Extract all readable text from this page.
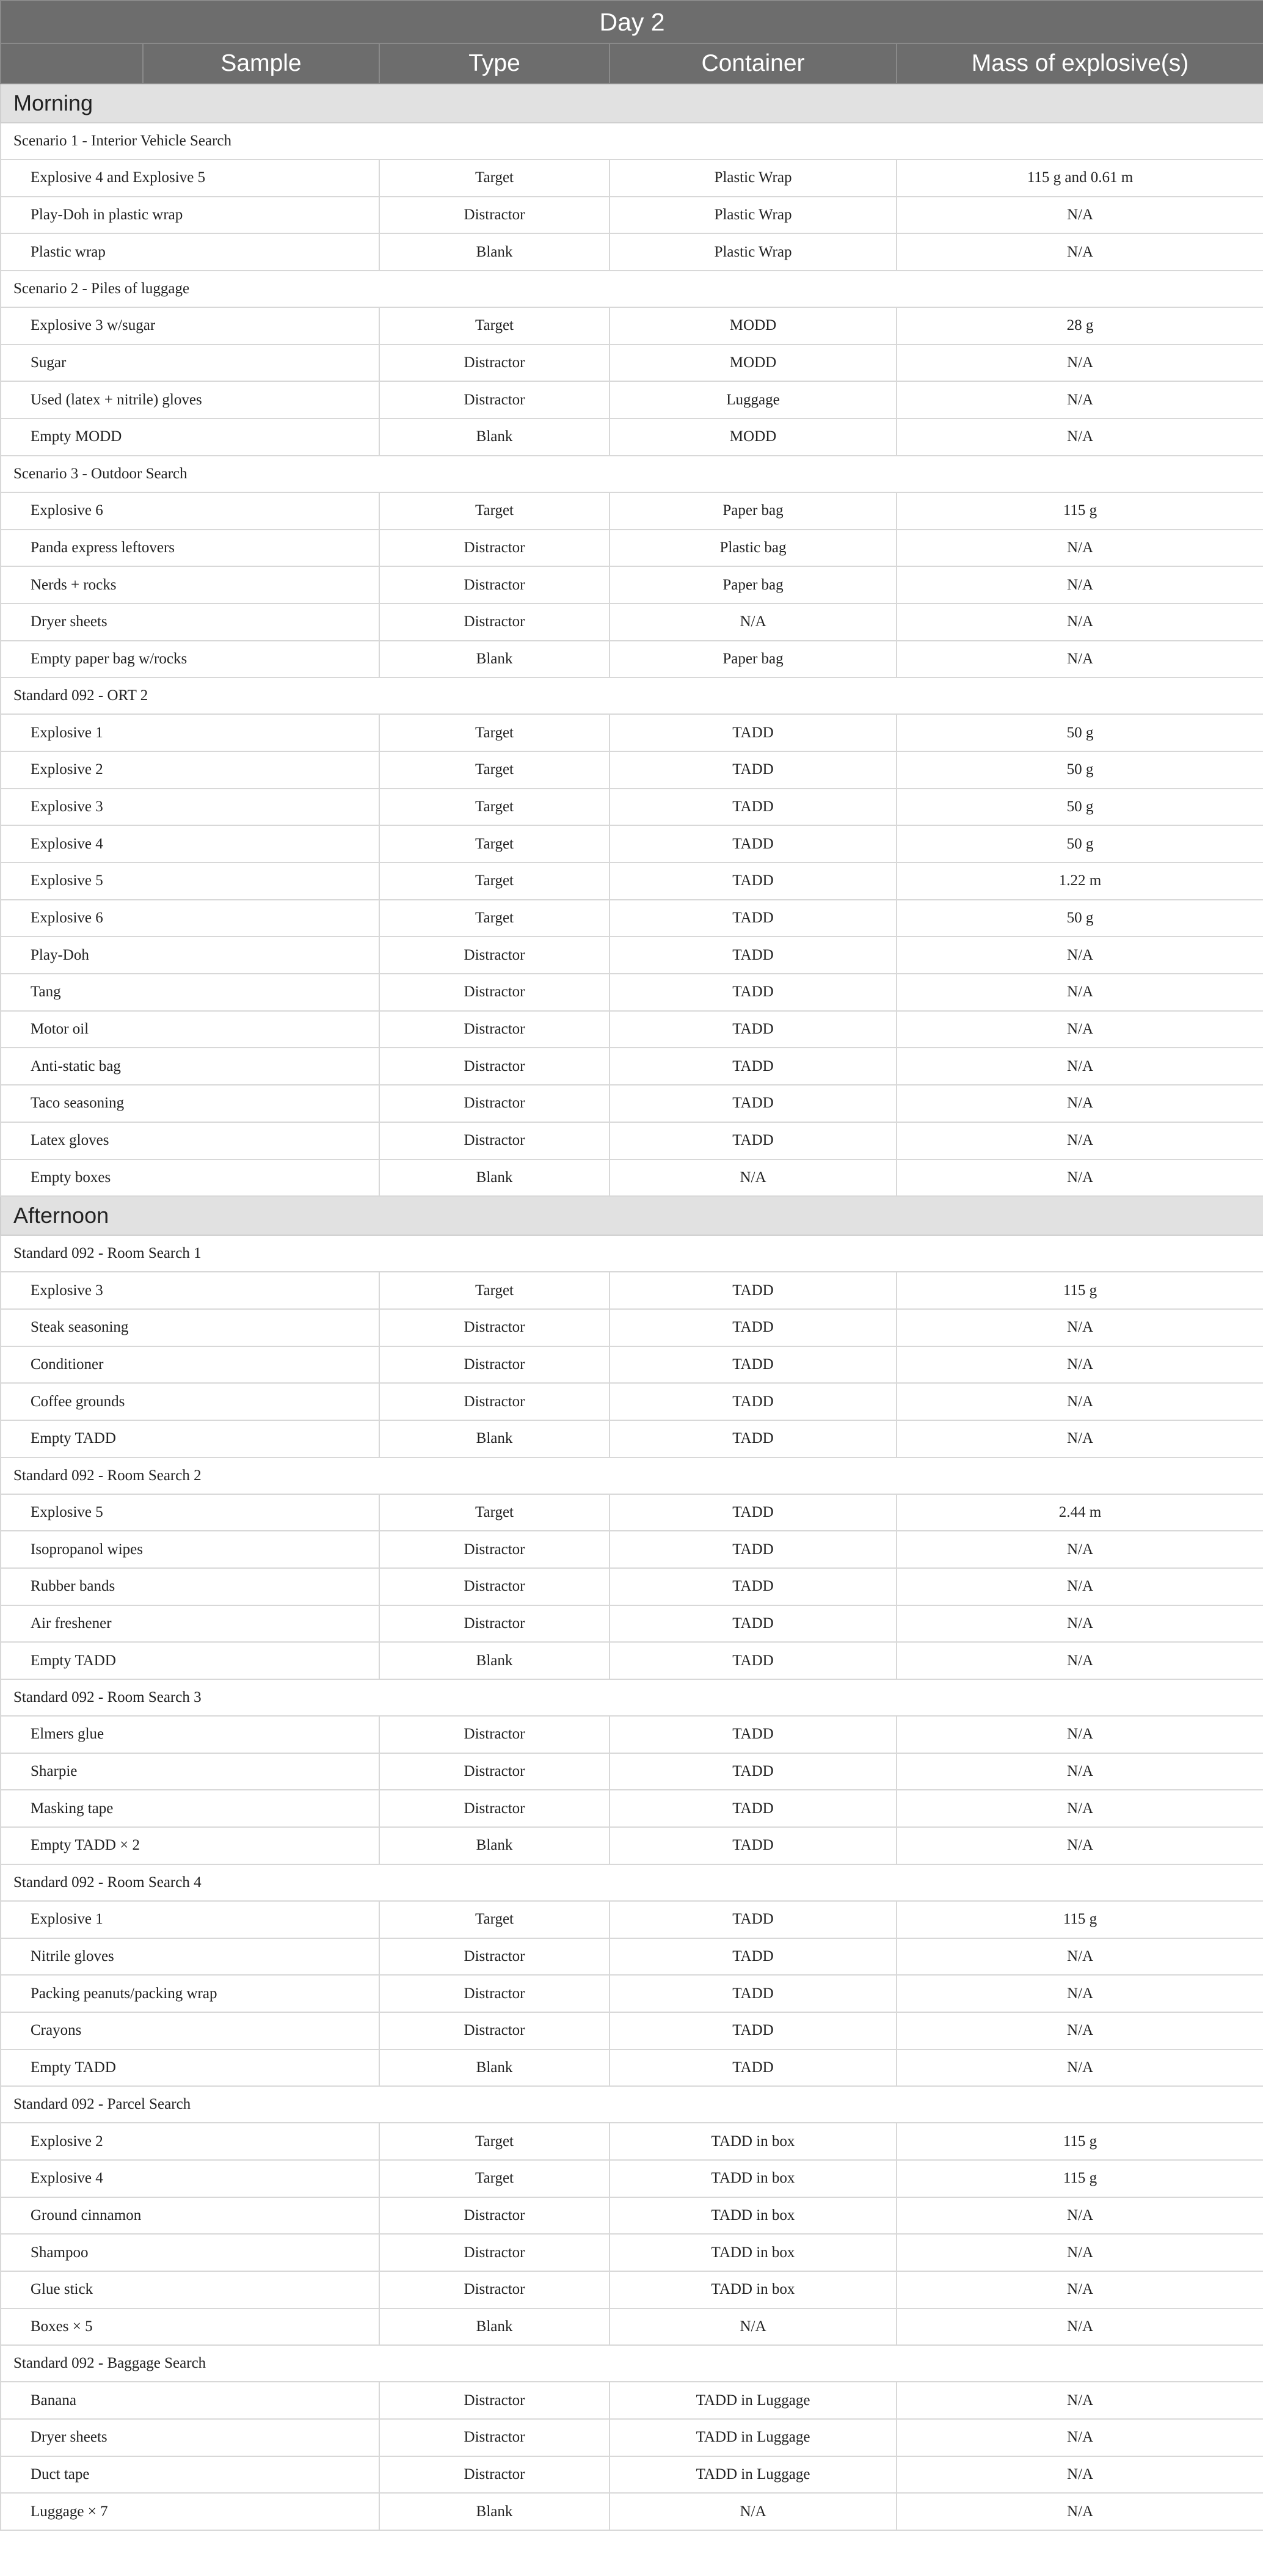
Day 2				
	Sample	Type	Container	Mass of explosive(s)
Morning				
Scenario 1 - Interior Vehicle Search				
Explosive 4 and Explosive 5		Target	Plastic Wrap	115 g and 0.61 m
Play-Doh in plastic wrap		Distractor	Plastic Wrap	N/A
Plastic wrap		Blank	Plastic Wrap	N/A
Scenario 2 - Piles of luggage				
Explosive 3 w/sugar		Target	MODD	28 g
Sugar		Distractor	MODD	N/A
Used (latex + nitrile) gloves		Distractor	Luggage	N/A
Empty MODD		Blank	MODD	N/A
Scenario 3 - Outdoor Search				
Explosive 6		Target	Paper bag	115 g
Panda express leftovers		Distractor	Plastic bag	N/A
Nerds + rocks		Distractor	Paper bag	N/A
Dryer sheets		Distractor	N/A	N/A
Empty paper bag w/rocks		Blank	Paper bag	N/A
Standard 092 - ORT 2				
Explosive 1		Target	TADD	50 g
Explosive 2		Target	TADD	50 g
Explosive 3		Target	TADD	50 g
Explosive 4		Target	TADD	50 g
Explosive 5		Target	TADD	1.22 m
Explosive 6		Target	TADD	50 g
Play-Doh		Distractor	TADD	N/A
Tang		Distractor	TADD	N/A
Motor oil		Distractor	TADD	N/A
Anti-static bag		Distractor	TADD	N/A
Taco seasoning		Distractor	TADD	N/A
Latex gloves		Distractor	TADD	N/A
Empty boxes		Blank	N/A	N/A
Afternoon				
Standard 092 - Room Search 1				
Explosive 3		Target	TADD	115 g
Steak seasoning		Distractor	TADD	N/A
Conditioner		Distractor	TADD	N/A
Coffee grounds		Distractor	TADD	N/A
Empty TADD		Blank	TADD	N/A
Standard 092 - Room Search 2				
Explosive 5		Target	TADD	2.44 m
Isopropanol wipes		Distractor	TADD	N/A
Rubber bands		Distractor	TADD	N/A
Air freshener		Distractor	TADD	N/A
Empty TADD		Blank	TADD	N/A
Standard 092 - Room Search 3				
Elmers glue		Distractor	TADD	N/A
Sharpie		Distractor	TADD	N/A
Masking tape		Distractor	TADD	N/A
Empty TADD × 2		Blank	TADD	N/A
Standard 092 - Room Search 4				
Explosive 1		Target	TADD	115 g
Nitrile gloves		Distractor	TADD	N/A
Packing peanuts/packing wrap		Distractor	TADD	N/A
Crayons		Distractor	TADD	N/A
Empty TADD		Blank	TADD	N/A
Standard 092 - Parcel Search				
Explosive 2		Target	TADD in box	115 g
Explosive 4		Target	TADD in box	115 g
Ground cinnamon		Distractor	TADD in box	N/A
Shampoo		Distractor	TADD in box	N/A
Glue stick		Distractor	TADD in box	N/A
Boxes × 5		Blank	N/A	N/A
Standard 092 - Baggage Search				
Banana		Distractor	TADD in Luggage	N/A
Dryer sheets		Distractor	TADD in Luggage	N/A
Duct tape		Distractor	TADD in Luggage	N/A
Luggage × 7		Blank	N/A	N/A
